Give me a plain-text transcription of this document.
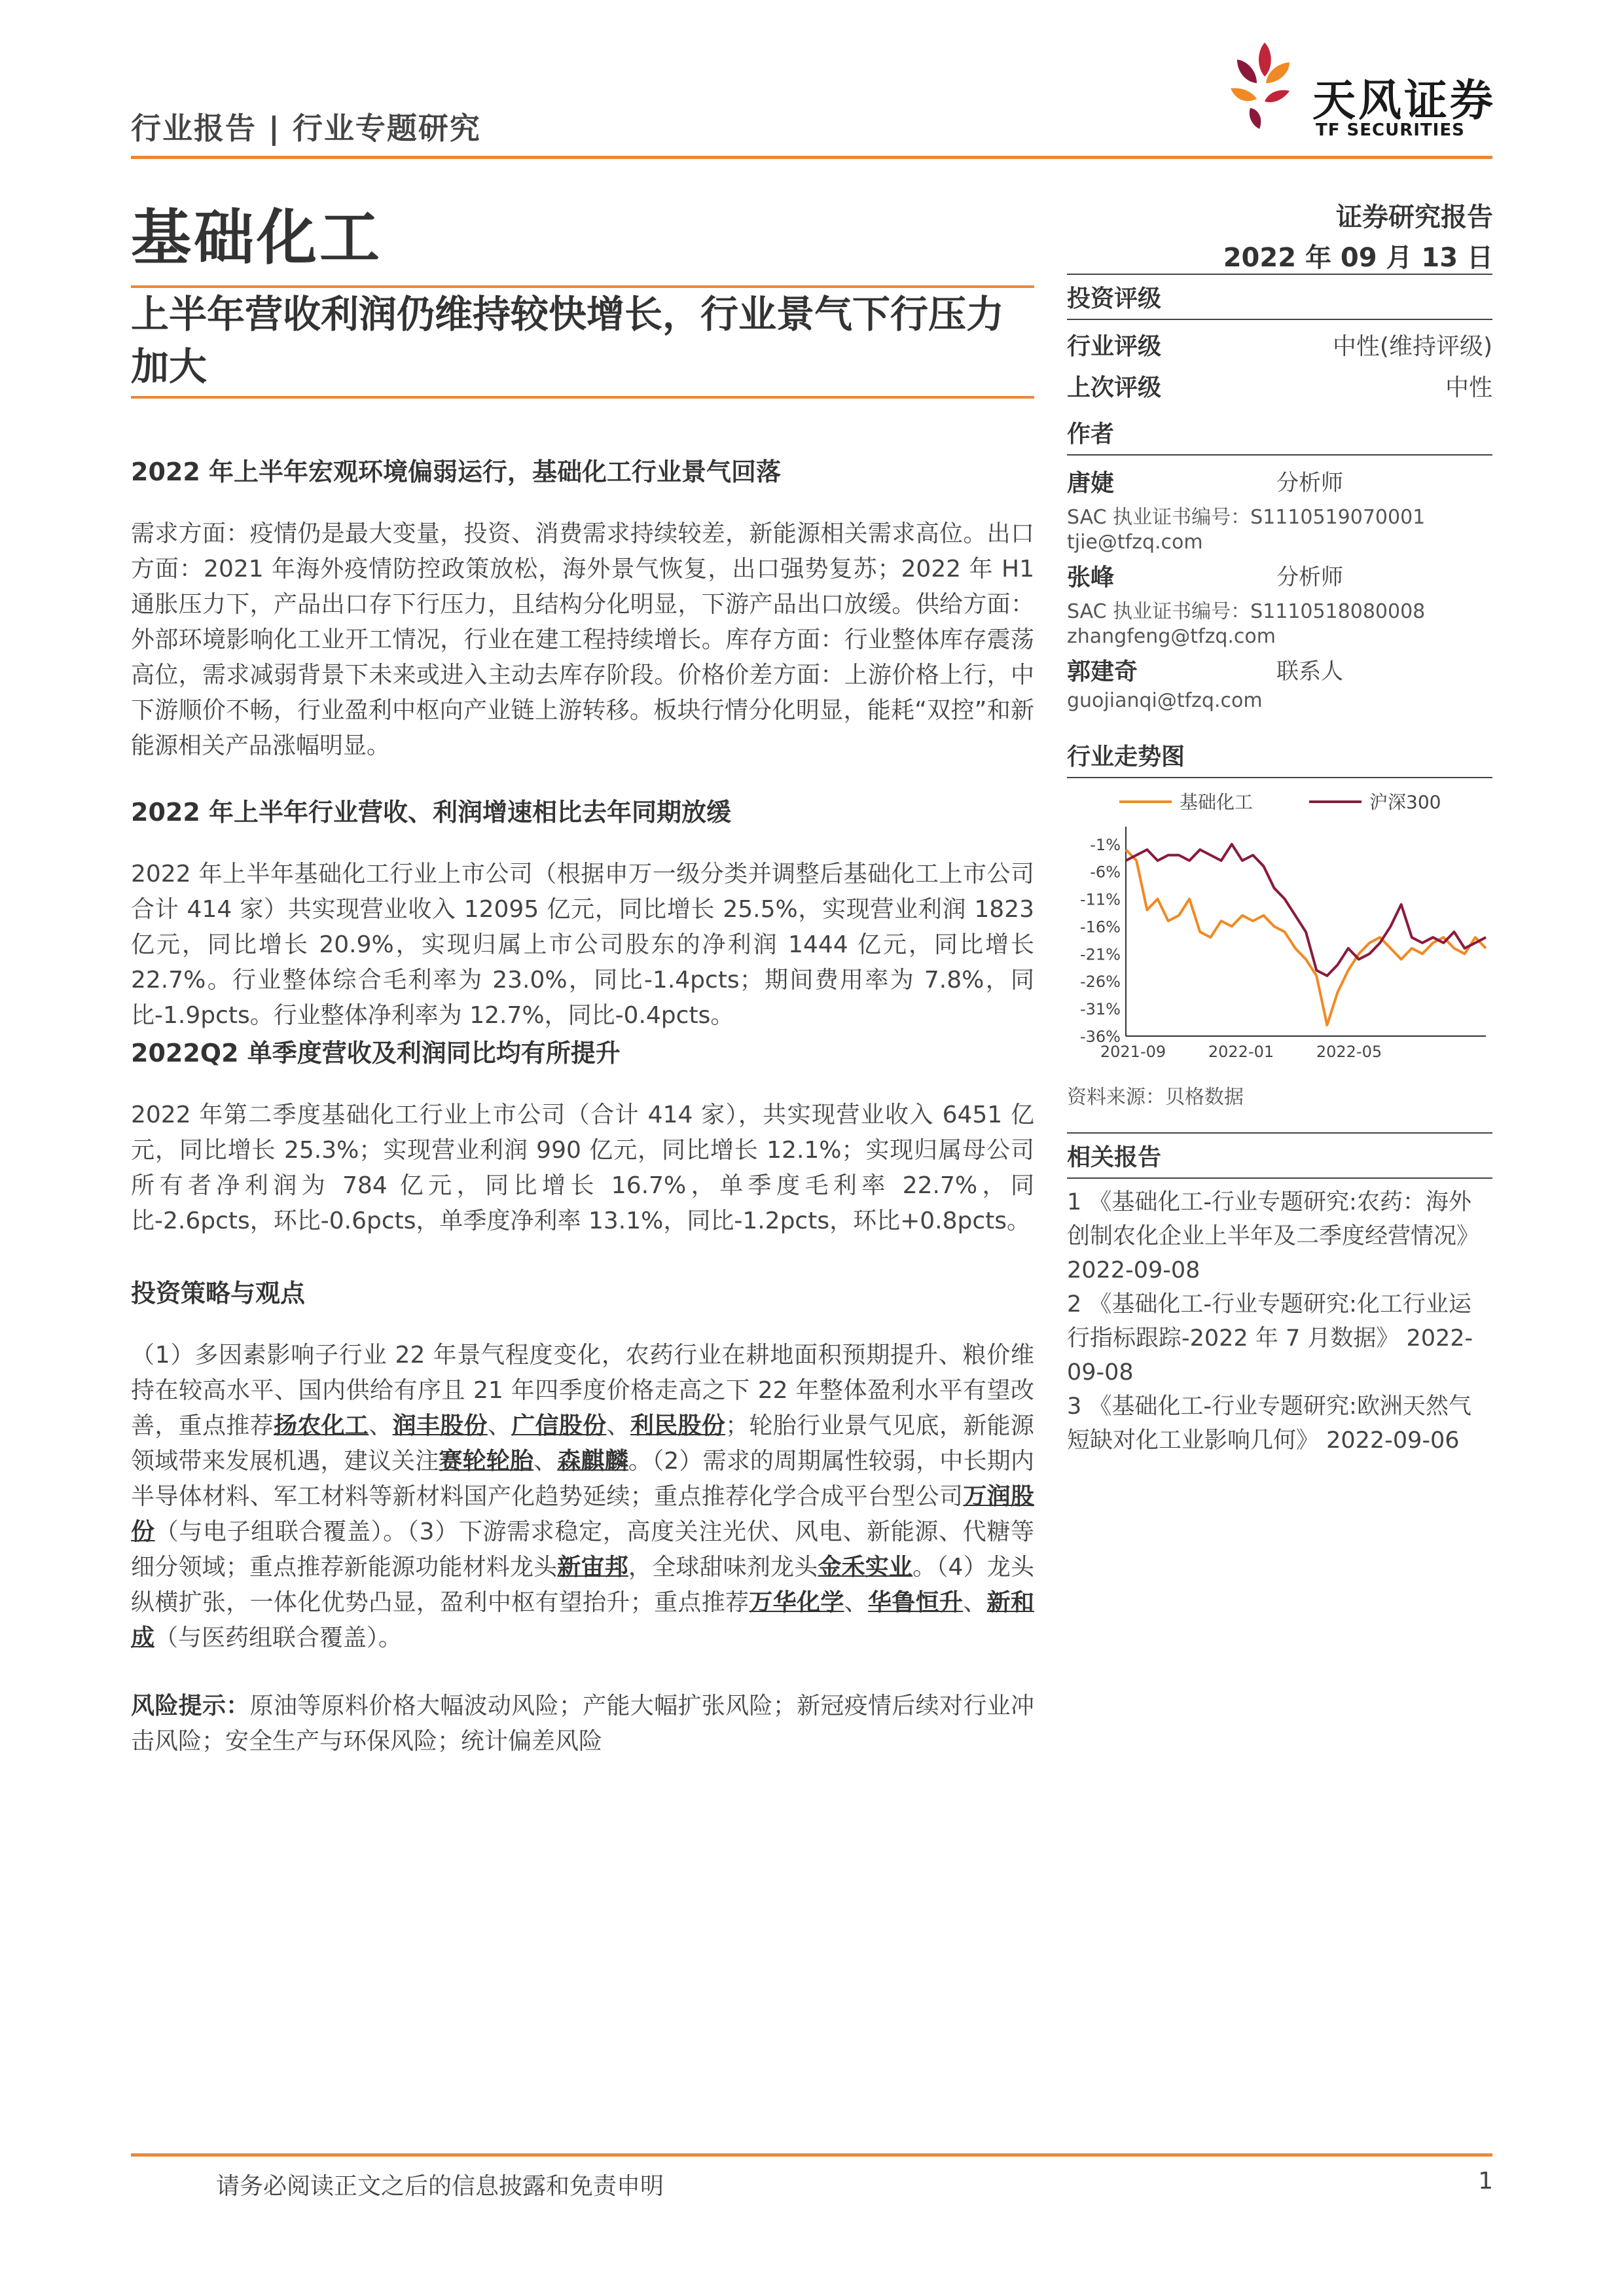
行业报告 | 行业专题研究
天风证券
TF SECURITIES
基础化工	证券研究报告
2022 年 09 月 13 日
上半年营收利润仍维持较快增长，行业景气下行压力加大
2022 年上半年宏观环境偏弱运行，基础化工行业景气回落
需求方面：疫情仍是最大变量，投资、消费需求持续较差，新能源相关需求高位。出口方面：2021 年海外疫情防控政策放松，海外景气恢复，出口强势复苏；2022 年 H1 通胀压力下，产品出口存下行压力，且结构分化明显，下游产品出口放缓。供给方面：外部环境影响化工业开工情况，行业在建工程持续增长。库存方面：行业整体库存震荡高位，需求减弱背景下未来或进入主动去库存阶段。价格价差方面：上游价格上行，中下游顺价不畅，行业盈利中枢向产业链上游转移。板块行情分化明显，能耗“双控”和新能源相关产品涨幅明显。
2022 年上半年行业营收、利润增速相比去年同期放缓
2022 年上半年基础化工行业上市公司（根据申万一级分类并调整后基础化工上市公司合计 414 家）共实现营业收入 12095 亿元，同比增长 25.5%，实现营业利润 1823 亿元，同比增长 20.9%，实现归属上市公司股东的净利润 1444 亿元，同比增长 22.7%。行业整体综合毛利率为 23.0%，同比-1.4pcts；期间费用率为 7.8%，同比-1.9pcts。行业整体净利率为 12.7%，同比-0.4pcts。
2022Q2 单季度营收及利润同比均有所提升
2022 年第二季度基础化工行业上市公司（合计 414 家），共实现营业收入 6451 亿元，同比增长 25.3%；实现营业利润 990 亿元，同比增长 12.1%；实现归属母公司所有者净利润为 784 亿元，同比增长 16.7%，单季度毛利率 22.7%，同比-2.6pcts，环比-0.6pcts，单季度净利率 13.1%，同比-1.2pcts，环比+0.8pcts。
投资策略与观点
（1）多因素影响子行业 22 年景气程度变化，农药行业在耕地面积预期提升、粮价维持在较高水平、国内供给有序且 21 年四季度价格走高之下 22 年整体盈利水平有望改善，重点推荐扬农化工、润丰股份、广信股份、利民股份；轮胎行业景气见底，新能源领域带来发展机遇，建议关注赛轮轮胎、森麒麟。（2）需求的周期属性较弱，中长期内半导体材料、军工材料等新材料国产化趋势延续；重点推荐化学合成平台型公司万润股份（与电子组联合覆盖）。（3）下游需求稳定，高度关注光伏、风电、新能源、代糖等细分领域；重点推荐新能源功能材料龙头新宙邦，全球甜味剂龙头金禾实业。（4）龙头纵横扩张，一体化优势凸显，盈利中枢有望抬升；重点推荐万华化学、华鲁恒升、新和成（与医药组联合覆盖）。
风险提示：原油等原料价格大幅波动风险；产能大幅扩张风险；新冠疫情后续对行业冲击风险；安全生产与环保风险；统计偏差风险
投资评级
行业评级	中性(维持评级)
上次评级	中性
作者
唐婕	分析师
SAC 执业证书编号：S1110519070001
tjie@tfzq.com
张峰	分析师
SAC 执业证书编号：S1110518080008
zhangfeng@tfzq.com
郭建奇	联系人
guojianqi@tfzq.com
行业走势图
基础化工	沪深300
-1%
-6%
-11%
-16%
-21%
-26%
-31%
-36%
2021-09	2022-01	2022-05
资料来源：贝格数据
相关报告
1 《基础化工-行业专题研究:农药：海外创制农化企业上半年及二季度经营情况》 2022-09-08
2 《基础化工-行业专题研究:化工行业运行指标跟踪-2022 年 7 月数据》 2022-09-08
3 《基础化工-行业专题研究:欧洲天然气短缺对化工业影响几何》 2022-09-06
请务必阅读正文之后的信息披露和免责申明	1
